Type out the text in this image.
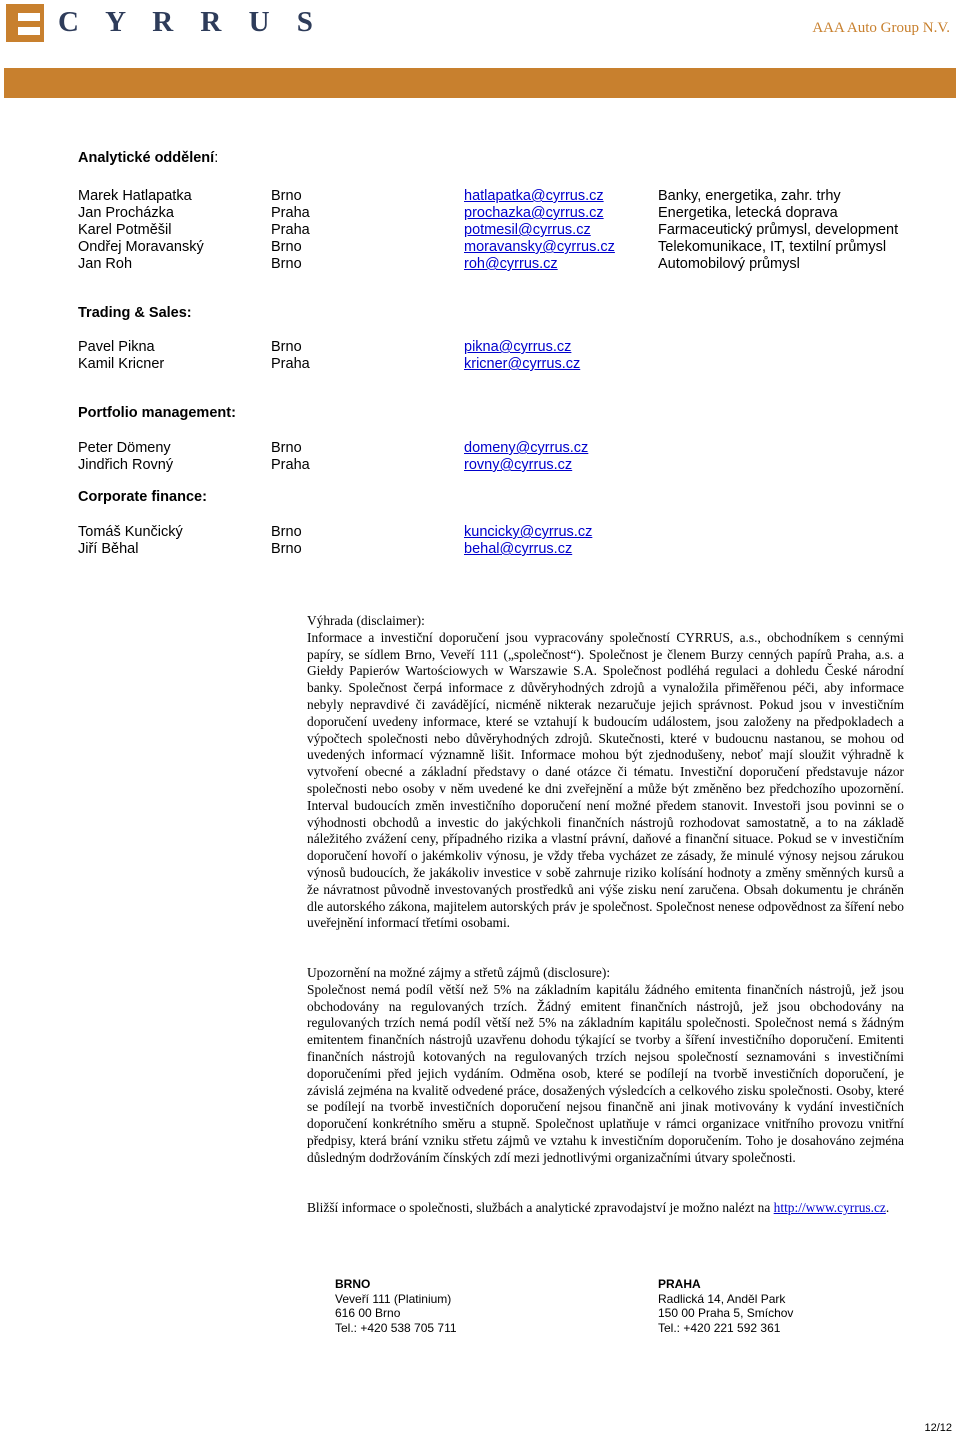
C Y R R U S	AAA Auto Group N.V.
Analytické oddělení:
Marek Hatlapatka	Brno	hatlapatka@cyrrus.cz	Banky, energetika, zahr. trhy
Jan Procházka	Praha	prochazka@cyrrus.cz	Energetika, letecká doprava
Karel Potměšil	Praha	potmesil@cyrrus.cz	Farmaceutický průmysl, development
Ondřej Moravanský	Brno	moravansky@cyrrus.cz	Telekomunikace, IT, textilní průmysl
Jan Roh	Brno	roh@cyrrus.cz	Automobilový průmysl
Trading & Sales:
Pavel Pikna	Brno	pikna@cyrrus.cz
Kamil Kricner	Praha	kricner@cyrrus.cz
Portfolio management:
Peter Dömeny	Brno	domeny@cyrrus.cz
Jindřich Rovný	Praha	rovny@cyrrus.cz
Corporate finance:
Tomáš Kunčický	Brno	kuncicky@cyrrus.cz
Jiří Běhal	Brno	behal@cyrrus.cz

Výhrada (disclaimer):

Informace a investiční doporučení jsou vypracovány společností CYRRUS, a.s., obchodníkem s cennými papíry, se sídlem Brno, Veveří 111 („společnost“). Společnost je členem Burzy cenných papírů Praha, a.s. a Giełdy Papierów Wartościowych w Warszawie S.A. Společnost podléhá regulaci a dohledu České národní banky. Společnost čerpá informace z důvěryhodných zdrojů a vynaložila přiměřenou péči, aby informace nebyly nepravdivé či zavádějící, nicméně nikterak nezaručuje jejich správnost. Pokud jsou v investičním doporučení uvedeny informace, které se vztahují k budoucím událostem, jsou založeny na předpokladech a výpočtech společnosti nebo důvěryhodných zdrojů. Skutečnosti, které v budoucnu nastanou, se mohou od uvedených informací významně lišit. Informace mohou být zjednodušeny, neboť mají sloužit výhradně k vytvoření obecné a základní představy o dané otázce či tématu. Investiční doporučení představuje názor společnosti nebo osoby v něm uvedené ke dni zveřejnění a může být změněno bez předchozího upozornění. Interval budoucích změn investičního doporučení není možné předem stanovit. Investoři jsou povinni se o výhodnosti obchodů a investic do jakýchkoli finančních nástrojů rozhodovat samostatně, a to na základě náležitého zvážení ceny, případného rizika a vlastní právní, daňové a finanční situace. Pokud se v investičním doporučení hovoří o jakémkoliv výnosu, je vždy třeba vycházet ze zásady, že minulé výnosy nejsou zárukou výnosů budoucích, že jakákoliv investice v sobě zahrnuje riziko kolísání hodnoty a změny směnných kursů a že návratnost původně investovaných prostředků ani výše zisku není zaručena. Obsah dokumentu je chráněn dle autorského zákona, majitelem autorských práv je společnost. Společnost nenese odpovědnost za šíření nebo uveřejnění informací třetími osobami.

Upozornění na možné zájmy a střetů zájmů (disclosure):

Společnost nemá podíl větší než 5% na základním kapitálu žádného emitenta finančních nástrojů, jež jsou obchodovány na regulovaných trzích. Žádný emitent finančních nástrojů, jež jsou obchodovány na regulovaných trzích nemá podíl větší než 5% na základním kapitálu společnosti. Společnost nemá s žádným emitentem finančních nástrojů uzavřenu dohodu týkající se tvorby a šíření investičního doporučení. Emitenti finančních nástrojů kotovaných na regulovaných trzích nejsou společností seznamováni s investičními doporučeními před jejich vydáním. Odměna osob, které se podílejí na tvorbě investičních doporučení, je závislá zejména na kvalitě odvedené práce, dosažených výsledcích a celkového zisku společnosti. Osoby, které se podílejí na tvorbě investičních doporučení nejsou finančně ani jinak motivovány k vydání investičních doporučení konkrétního směru a stupně. Společnost uplatňuje v rámci organizace vnitřního provozu vnitřní předpisy, která brání vzniku střetu zájmů ve vztahu k investičním doporučením. Toho je dosahováno zejména důsledným dodržováním čínských zdí mezi jednotlivými organizačními útvary společnosti.

Bližší informace o společnosti, službách a analytické zpravodajství je možno nalézt na http://www.cyrrus.cz.

BRNO
Veveří 111 (Platinium)
616 00 Brno
Tel.: +420 538 705 711
PRAHA
Radlická 14, Anděl Park
150 00 Praha 5, Smíchov
Tel.: +420 221 592 361
12/12
